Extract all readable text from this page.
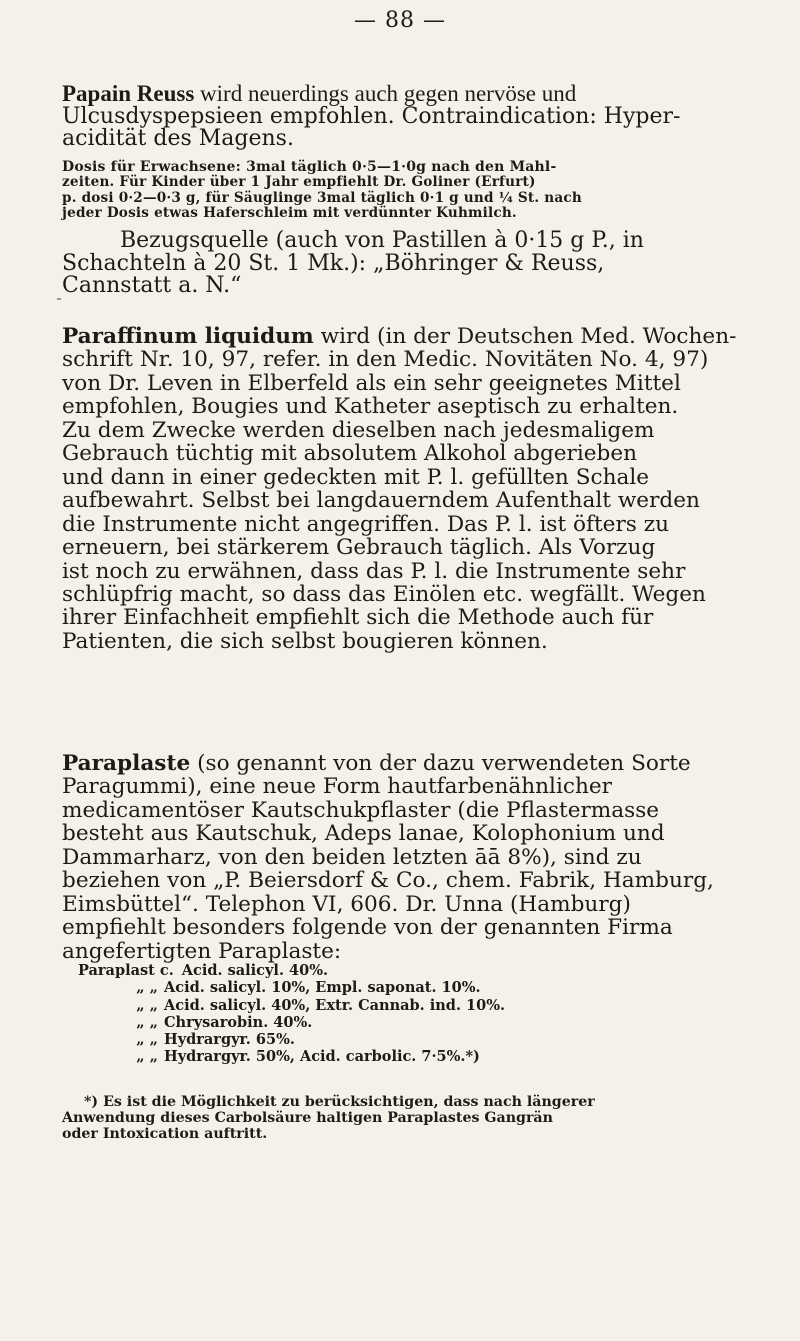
— 88 —
Papain Reuss wird neuerdings auch gegen nervöse und
Ulcusdyspepsieen empfohlen. Contraindication: Hyper-
acidität des Magens.
Dosis für Erwachsene: 3mal täglich 0·5—1·0g nach den Mahl-
zeiten. Für Kinder über 1 Jahr empfiehlt Dr. Goliner (Erfurt)
p. dosi 0·2—0·3 g, für Säuglinge 3mal täglich 0·1 g und ¼ St. nach
jeder Dosis etwas Haferschleim mit verdünnter Kuhmilch.
Bezugsquelle (auch von Pastillen à 0·15 g P., in
Schachteln à 20 St. 1 Mk.): „Böhringer & Reuss,
Cannstatt a. N.“
Paraffinum liquidum wird (in der Deutschen Med. Wochen-
schrift Nr. 10, 97, refer. in den Medic. Novitäten No. 4, 97)
von Dr. Leven in Elberfeld als ein sehr geeignetes Mittel
empfohlen, Bougies und Katheter aseptisch zu erhalten.
Zu dem Zwecke werden dieselben nach jedesmaligem
Gebrauch tüchtig mit absolutem Alkohol abgerieben
und dann in einer gedeckten mit P. l. gefüllten Schale
aufbewahrt. Selbst bei langdauerndem Aufenthalt werden
die Instrumente nicht angegriffen. Das P. l. ist öfters zu
erneuern, bei stärkerem Gebrauch täglich. Als Vorzug
ist noch zu erwähnen, dass das P. l. die Instrumente sehr
schlüpfrig macht, so dass das Einölen etc. wegfällt. Wegen
ihrer Einfachheit empfiehlt sich die Methode auch für
Patienten, die sich selbst bougieren können.
Paraplaste (so genannt von der dazu verwendeten Sorte
Paragummi), eine neue Form hautfarbenähnlicher
medicamentöser Kautschukpflaster (die Pflastermasse
besteht aus Kautschuk, Adeps lanae, Kolophonium und
Dammarharz, von den beiden letzten āā 8%), sind zu
beziehen von „P. Beiersdorf & Co., chem. Fabrik, Hamburg,
Eimsbüttel“. Telephon VI, 606. Dr. Unna (Hamburg)
empfiehlt besonders folgende von der genannten Firma
angefertigten Paraplaste:
Paraplast c. Acid. salicyl. 40%.
„ „ Acid. salicyl. 10%, Empl. saponat. 10%.
„ „ Acid. salicyl. 40%, Extr. Cannab. ind. 10%.
„ „ Chrysarobin. 40%.
„ „ Hydrargyr. 65%.
„ „ Hydrargyr. 50%, Acid. carbolic. 7·5%.*)
*) Es ist die Möglichkeit zu berücksichtigen, dass nach längerer
Anwendung dieses Carbolsäure haltigen Paraplastes Gangrän
oder Intoxication auftritt.
